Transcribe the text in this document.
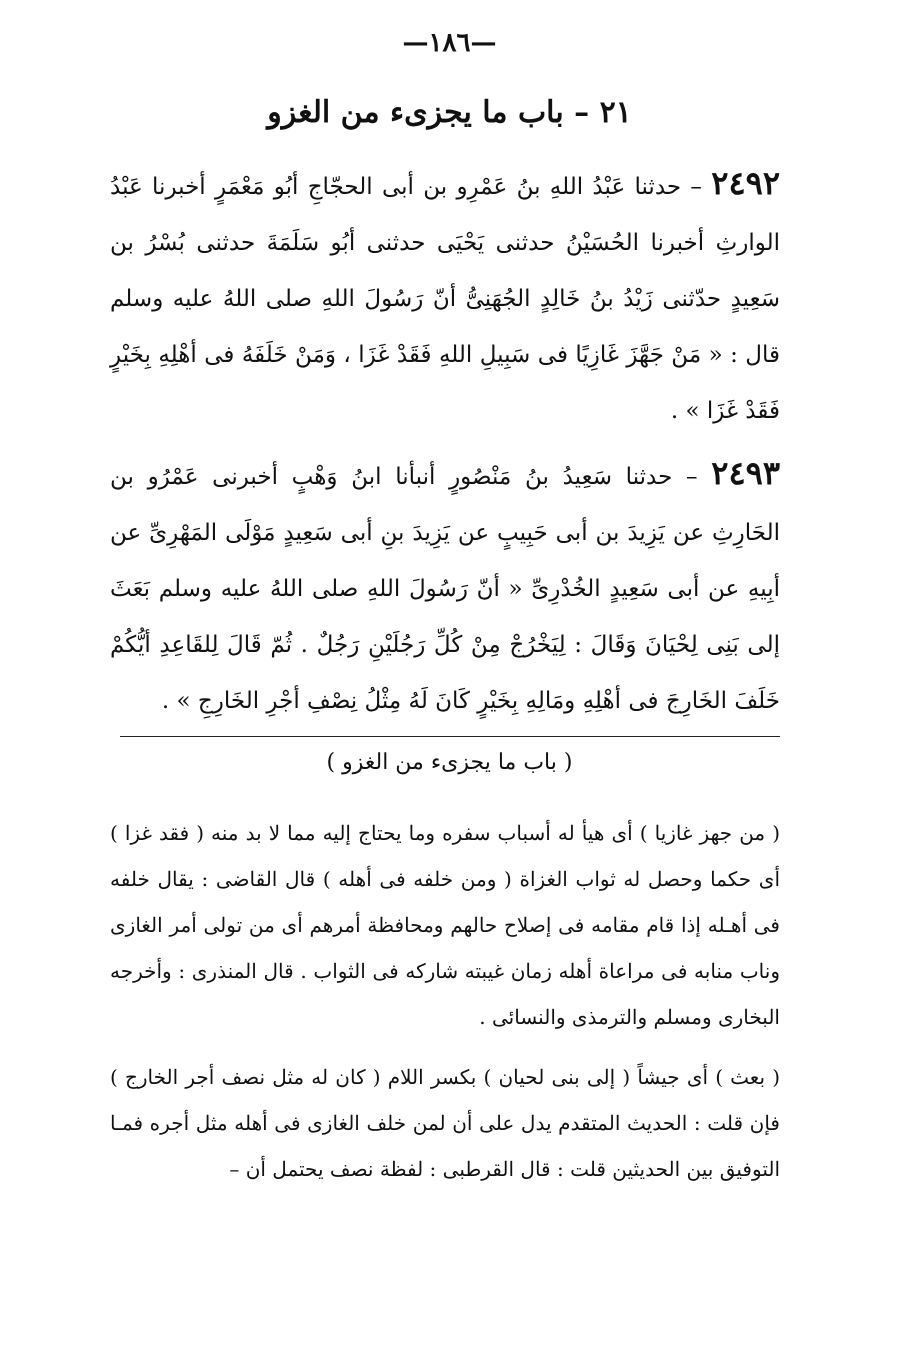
—١٨٦—
٢١ – باب ما يجزىء من الغزو
٢٤٩٢ – حدثنا عَبْدُ اللهِ بنُ عَمْرِو بن أبى الحجّاجِ أبُو مَعْمَرٍ أخبرنا عَبْدُ الوارثِ أخبرنا الحُسَيْنُ حدثنى يَحْيَى حدثنى أبُو سَلَمَةَ حدثنى بُسْرُ بن سَعِيدٍ حدّثنى زَيْدُ بنُ خَالِدٍ الجُهَنِىُّ أنّ رَسُولَ اللهِ صلى اللهُ عليه وسلم قال : « مَنْ جَهَّزَ غَازِيًا فى سَبِيلِ اللهِ فَقَدْ غَزَا ، وَمَنْ خَلَفَهُ فى أهْلِهِ بِخَيْرٍ فَقَدْ غَزَا » .
٢٤٩٣ – حدثنا سَعِيدُ بنُ مَنْصُورٍ أنبأنا ابنُ وَهْبٍ أخبرنى عَمْرُو بن الحَارِثِ عن يَزِيدَ بن أبى حَبِيبٍ عن يَزِيدَ بنِ أبى سَعِيدٍ مَوْلَى المَهْرِىِّ عن أبِيهِ عن أبى سَعِيدٍ الخُدْرِىِّ « أنّ رَسُولَ اللهِ صلى اللهُ عليه وسلم بَعَثَ إلى بَنِى لِحْيَانَ وَقَالَ : لِيَخْرُجْ مِنْ كُلِّ رَجُلَيْنِ رَجُلٌ . ثُمّ قَالَ لِلقَاعِدِ أيُّكُمْ خَلَفَ الخَارِجَ فى أهْلِهِ ومَالِهِ بِخَيْرٍ كَانَ لَهُ مِثْلُ نِصْفِ أجْرِ الخَارِجِ » .
( باب ما يجزىء من الغزو )
( من جهز غازيا ) أى هيأ له أسباب سفره وما يحتاج إليه مما لا بد منه ( فقد غزا ) أى حكما وحصل له ثواب الغزاة ( ومن خلفه فى أهله ) قال القاضى : يقال خلفه فى أهـله إذا قام مقامه فى إصلاح حالهم ومحافظة أمرهم أى من تولى أمر الغازى وناب منابه فى مراعاة أهله زمان غيبته شاركه فى الثواب . قال المنذرى : وأخرجه البخارى ومسلم والترمذى والنسائى .
( بعث ) أى جيشاً ( إلى بنى لحيان ) بكسر اللام ( كان له مثل نصف أجر الخارج ) فإن قلت : الحديث المتقدم يدل على أن لمن خلف الغازى فى أهله مثل أجره فمـا التوفيق بين الحديثين قلت : قال القرطبى : لفظة نصف يحتمل أن –
